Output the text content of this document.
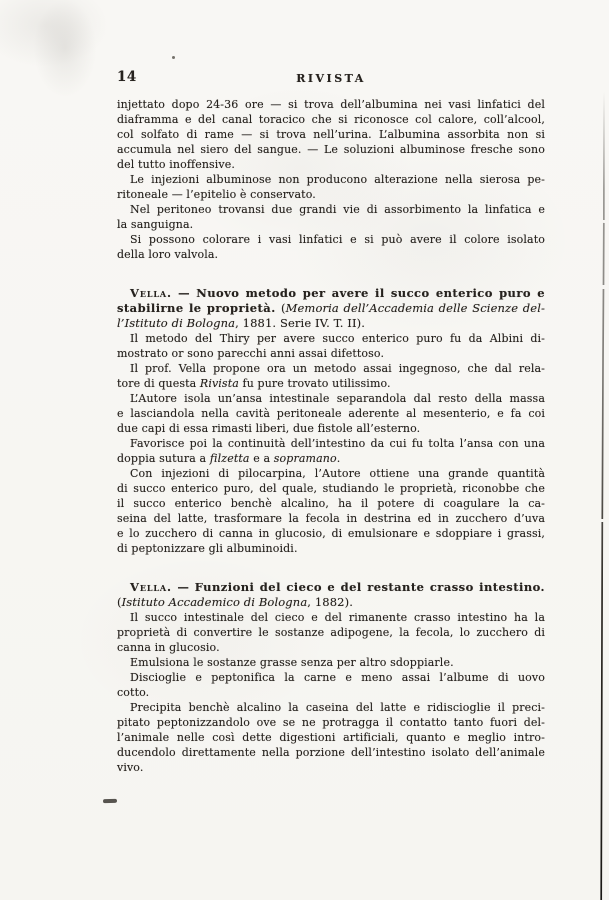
14	RIVISTA
injettato dopo 24-36 ore — si trova dell’albumina nei vasi linfatici del
diaframma e del canal toracico che si riconosce col calore, coll’alcool,
col solfato di rame — si trova nell’urina. L’albumina assorbita non si
accumula nel siero del sangue. — Le soluzioni albuminose fresche sono
del tutto inoffensive.
Le injezioni albuminose non producono alterazione nella sierosa pe-
ritoneale — l’epitelio è conservato.
Nel peritoneo trovansi due grandi vie di assorbimento la linfatica e
la sanguigna.
Si possono colorare i vasi linfatici e si può avere il colore isolato
della loro valvola.
Vella. — Nuovo metodo per avere il succo enterico puro e
stabilirne le proprietà. (Memoria dell’Accademia delle Scienze del-
l’Istituto di Bologna, 1881. Serie IV. T. II).
Il metodo del Thiry per avere succo enterico puro fu da Albini di-
mostrato or sono parecchi anni assai difettoso.
Il prof. Vella propone ora un metodo assai ingegnoso, che dal rela-
tore di questa Rivista fu pure trovato utilissimo.
L’Autore isola un’ansa intestinale separandola dal resto della massa
e lasciandola nella cavità peritoneale aderente al mesenterio, e fa coi
due capi di essa rimasti liberi, due fistole all’esterno.
Favorisce poi la continuità dell’intestino da cui fu tolta l’ansa con una
doppia sutura a filzetta e a sopramano.
Con injezioni di pilocarpina, l’Autore ottiene una grande quantità
di succo enterico puro, del quale, studiando le proprietà, riconobbe che
il succo enterico benchè alcalino, ha il potere di coagulare la ca-
seina del latte, trasformare la fecola in destrina ed in zucchero d’uva
e lo zucchero di canna in glucosio, di emulsionare e sdoppiare i grassi,
di peptonizzare gli albuminoidi.
Vella. — Funzioni del cieco e del restante crasso intestino.
(Istituto Accademico di Bologna, 1882).
Il succo intestinale del cieco e del rimanente crasso intestino ha la
proprietà di convertire le sostanze adipogene, la fecola, lo zucchero di
canna in glucosio.
Emulsiona le sostanze grasse senza per altro sdoppiarle.
Discioglie e peptonifica la carne e meno assai l’albume di uovo
cotto.
Precipita benchè alcalino la caseina del latte e ridiscioglie il preci-
pitato peptonizzandolo ove se ne protragga il contatto tanto fuori del-
l’animale nelle così dette digestioni artificiali, quanto e meglio intro-
ducendolo direttamente nella porzione dell’intestino isolato dell’animale
vivo.
